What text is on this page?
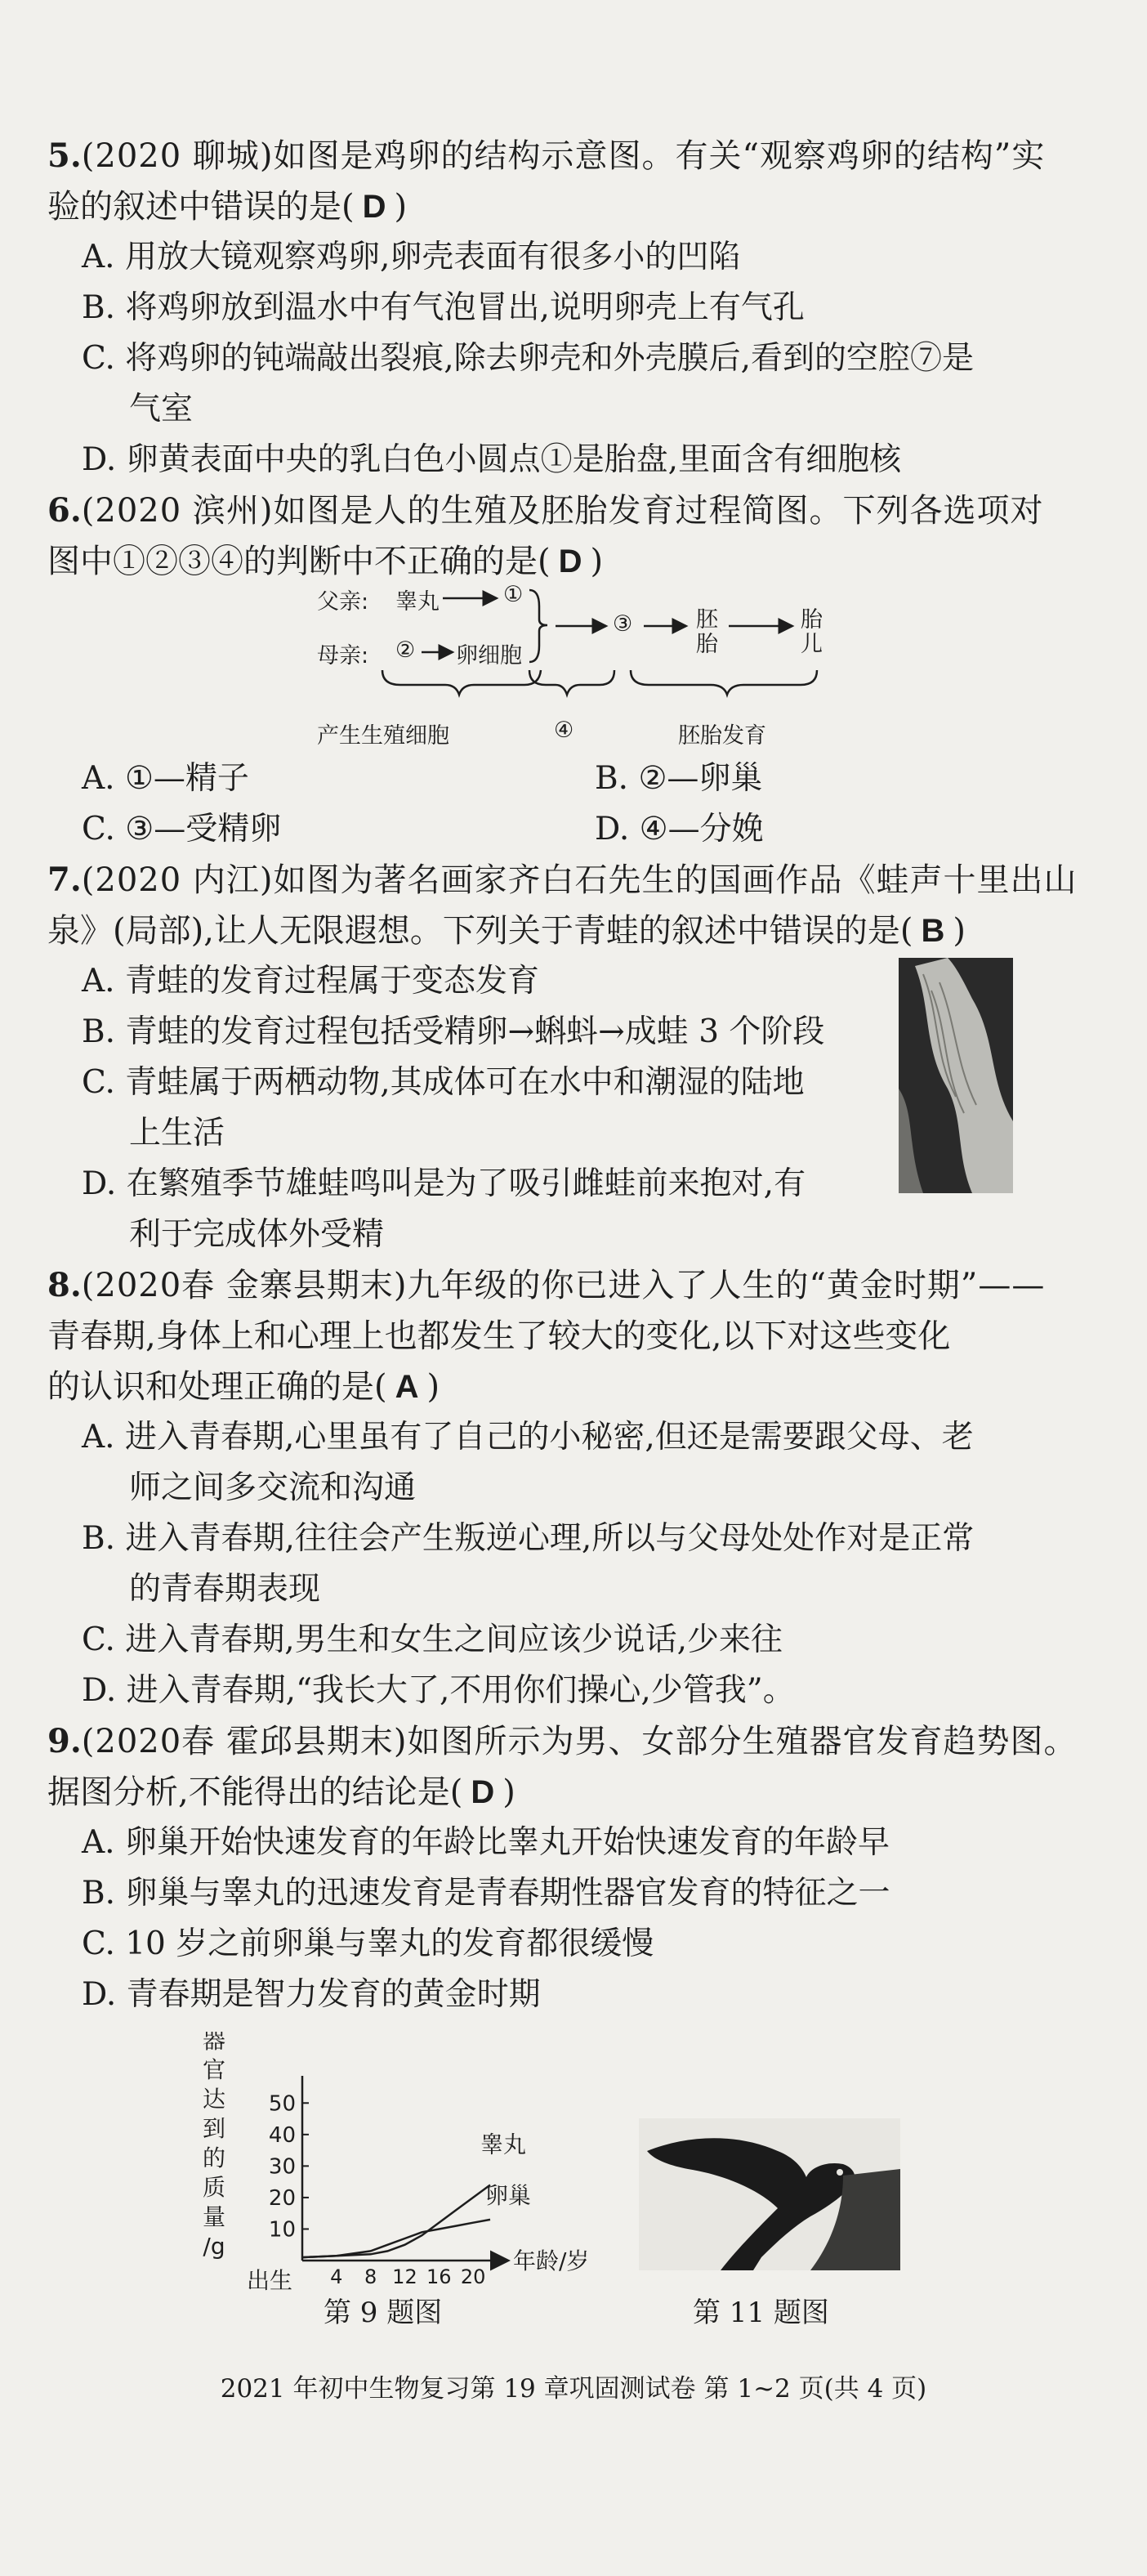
5.(2020 聊城)如图是鸡卵的结构示意图。有关“观察鸡卵的结构”实
验的叙述中错误的是( D )
A. 用放大镜观察鸡卵,卵壳表面有很多小的凹陷
B. 将鸡卵放到温水中有气泡冒出,说明卵壳上有气孔
C. 将鸡卵的钝端敲出裂痕,除去卵壳和外壳膜后,看到的空腔⑦是
气室
D. 卵黄表面中央的乳白色小圆点①是胎盘,里面含有细胞核
6.(2020 滨州)如图是人的生殖及胚胎发育过程简图。下列各选项对
图中①②③④的判断中不正确的是( D )
父亲: 睾丸	①
母亲: ② 卵细胞
③	胚胎
胎儿
产生生殖细胞	④	胚胎发育
A. ①—精子	B. ②—卵巢
C. ③—受精卵	D. ④—分娩
7.(2020 内江)如图为著名画家齐白石先生的国画作品《蛙声十里出山
泉》(局部),让人无限遐想。下列关于青蛙的叙述中错误的是( B )
A. 青蛙的发育过程属于变态发育
B. 青蛙的发育过程包括受精卵→蝌蚪→成蛙 3 个阶段
C. 青蛙属于两栖动物,其成体可在水中和潮湿的陆地
上生活
D. 在繁殖季节雄蛙鸣叫是为了吸引雌蛙前来抱对,有
利于完成体外受精
8.(2020春 金寨县期末)九年级的你已进入了人生的“黄金时期”——
青春期,身体上和心理上也都发生了较大的变化,以下对这些变化
的认识和处理正确的是( A )
A. 进入青春期,心里虽有了自己的小秘密,但还是需要跟父母、老
师之间多交流和沟通
B. 进入青春期,往往会产生叛逆心理,所以与父母处处作对是正常
的青春期表现
C. 进入青春期,男生和女生之间应该少说话,少来往
D. 进入青春期,“我长大了,不用你们操心,少管我”。
9.(2020春 霍邱县期末)如图所示为男、女部分生殖器官发育趋势图。
据图分析,不能得出的结论是( D )
A. 卵巢开始快速发育的年龄比睾丸开始快速发育的年龄早
B. 卵巢与睾丸的迅速发育是青春期性器官发育的特征之一
C. 10 岁之前卵巢与睾丸的发育都很缓慢
D. 青春期是智力发育的黄金时期
器
官
达
到
的
质
量
/g
10
20
30
40
50
4 8 12 16 20
出生
年龄/岁
睾丸
卵巢
第 9 题图	第 11 题图
2021 年初中生物复习第 19 章巩固测试卷 第 1~2 页(共 4 页)
